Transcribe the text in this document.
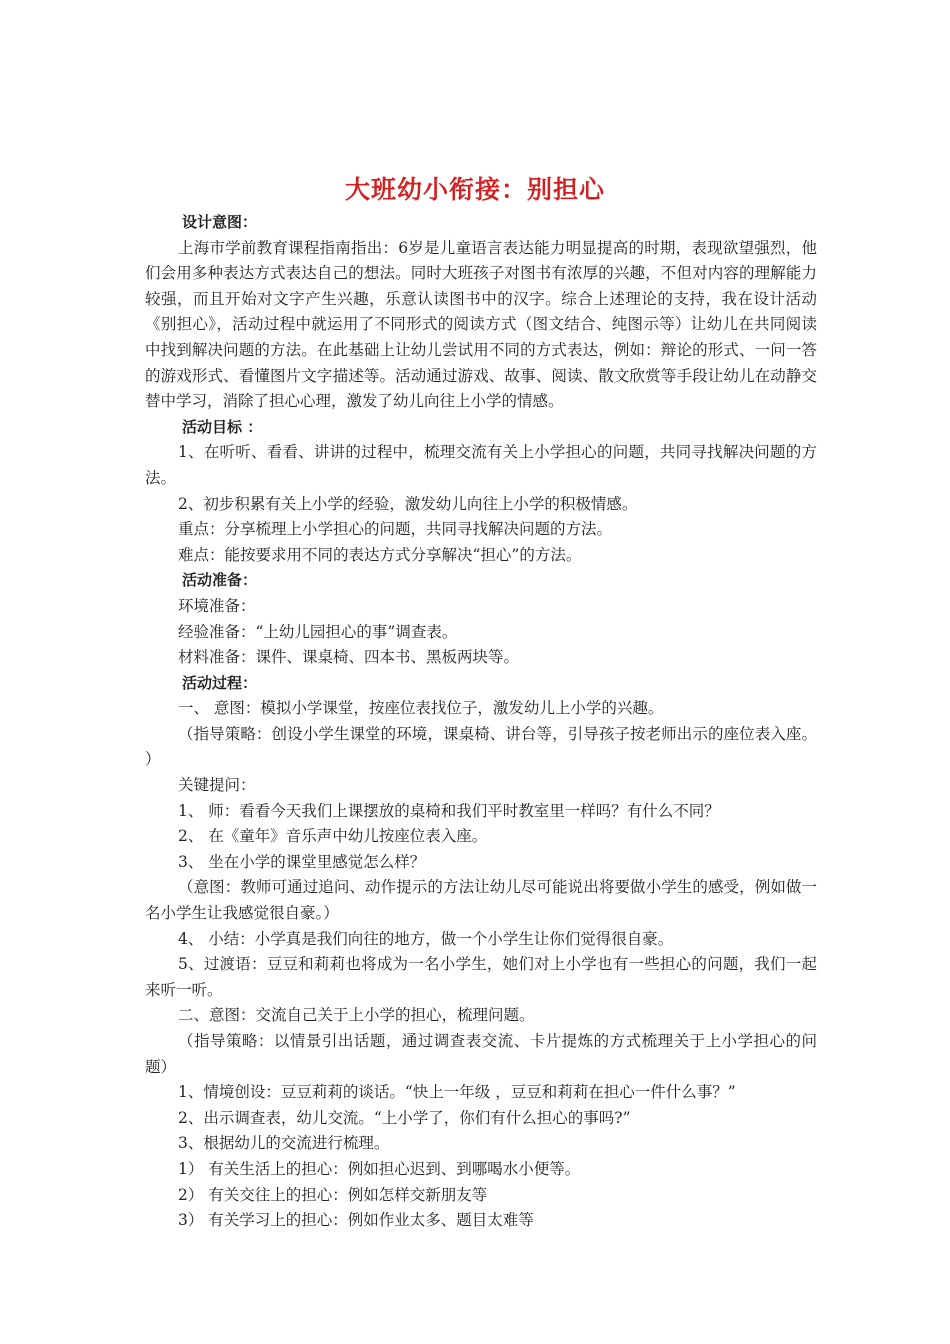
大班幼小衔接：别担心

设计意图：

上海市学前教育课程指南指出：6岁是儿童语言表达能力明显提高的时期，表现欲望强烈，他们会用多种表达方式表达自己的想法。同时大班孩子对图书有浓厚的兴趣，不但对内容的理解能力较强，而且开始对文字产生兴趣，乐意认读图书中的汉字。综合上述理论的支持，我在设计活动《别担心》，活动过程中就运用了不同形式的阅读方式（图文结合、纯图示等）让幼儿在共同阅读中找到解决问题的方法。在此基础上让幼儿尝试用不同的方式表达，例如：辩论的形式、一问一答的游戏形式、看懂图片文字描述等。活动通过游戏、故事、阅读、散文欣赏等手段让幼儿在动静交替中学习，消除了担心心理，激发了幼儿向往上小学的情感。

活动目标 ：

1、在听听、看看、讲讲的过程中，梳理交流有关上小学担心的问题，共同寻找解决问题的方法。

2、初步积累有关上小学的经验，激发幼儿向往上小学的积极情感。

重点：分享梳理上小学担心的问题，共同寻找解决问题的方法。

难点：能按要求用不同的表达方式分享解决“担心”的方法。

活动准备：

环境准备：

经验准备：“上幼儿园担心的事”调查表。

材料准备：课件、课桌椅、四本书、黑板两块等。

活动过程：

一、 意图：模拟小学课堂，按座位表找位子，激发幼儿上小学的兴趣。

（指导策略：创设小学生课堂的环境，课桌椅、讲台等，引导孩子按老师出示的座位表入座。 ）

关键提问：

1、 师：看看今天我们上课摆放的桌椅和我们平时教室里一样吗？有什么不同？

2、 在《童年》音乐声中幼儿按座位表入座。

3、 坐在小学的课堂里感觉怎么样？

（意图：教师可通过追问、动作提示的方法让幼儿尽可能说出将要做小学生的感受，例如做一名小学生让我感觉很自豪。）

4、 小结：小学真是我们向往的地方，做一个小学生让你们觉得很自豪。

5、过渡语：豆豆和莉莉也将成为一名小学生，她们对上小学也有一些担心的问题，我们一起来听一听。

二、意图：交流自己关于上小学的担心，梳理问题。

（指导策略：以情景引出话题，通过调查表交流、卡片提炼的方式梳理关于上小学担心的问题）

1、情境创设：豆豆莉莉的谈话。“快上一年级 ，豆豆和莉莉在担心一件什么事？”

2、出示调查表，幼儿交流。“上小学了，你们有什么担心的事吗?”

3、根据幼儿的交流进行梳理。

1） 有关生活上的担心：例如担心迟到、到哪喝水小便等。

2） 有关交往上的担心：例如怎样交新朋友等

3） 有关学习上的担心：例如作业太多、题目太难等
